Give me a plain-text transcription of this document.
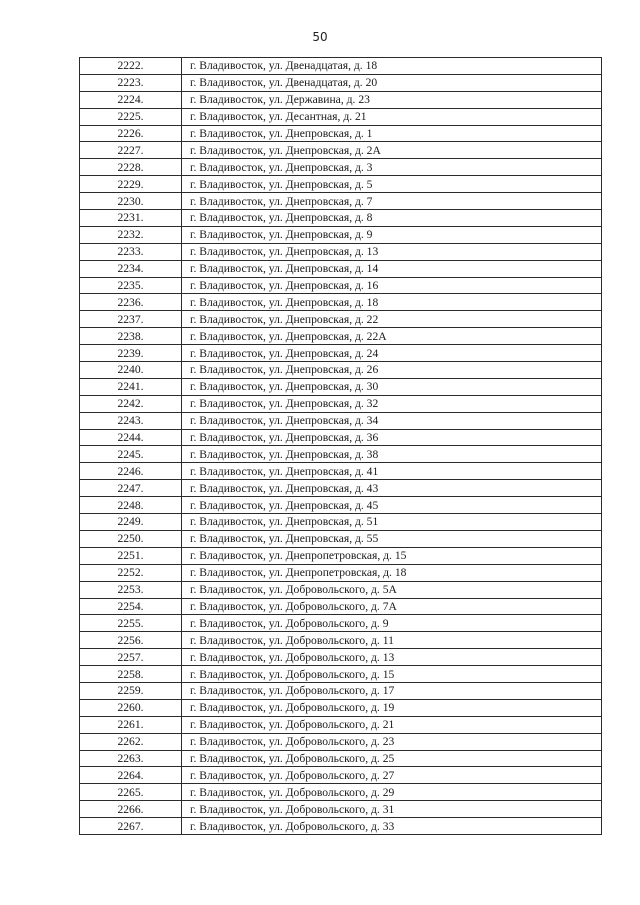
50
2222.	г. Владивосток, ул. Двенадцатая, д. 18
2223.	г. Владивосток, ул. Двенадцатая, д. 20
2224.	г. Владивосток, ул. Державина, д. 23
2225.	г. Владивосток, ул. Десантная, д. 21
2226.	г. Владивосток, ул. Днепровская, д. 1
2227.	г. Владивосток, ул. Днепровская, д. 2А
2228.	г. Владивосток, ул. Днепровская, д. 3
2229.	г. Владивосток, ул. Днепровская, д. 5
2230.	г. Владивосток, ул. Днепровская, д. 7
2231.	г. Владивосток, ул. Днепровская, д. 8
2232.	г. Владивосток, ул. Днепровская, д. 9
2233.	г. Владивосток, ул. Днепровская, д. 13
2234.	г. Владивосток, ул. Днепровская, д. 14
2235.	г. Владивосток, ул. Днепровская, д. 16
2236.	г. Владивосток, ул. Днепровская, д. 18
2237.	г. Владивосток, ул. Днепровская, д. 22
2238.	г. Владивосток, ул. Днепровская, д. 22А
2239.	г. Владивосток, ул. Днепровская, д. 24
2240.	г. Владивосток, ул. Днепровская, д. 26
2241.	г. Владивосток, ул. Днепровская, д. 30
2242.	г. Владивосток, ул. Днепровская, д. 32
2243.	г. Владивосток, ул. Днепровская, д. 34
2244.	г. Владивосток, ул. Днепровская, д. 36
2245.	г. Владивосток, ул. Днепровская, д. 38
2246.	г. Владивосток, ул. Днепровская, д. 41
2247.	г. Владивосток, ул. Днепровская, д. 43
2248.	г. Владивосток, ул. Днепровская, д. 45
2249.	г. Владивосток, ул. Днепровская, д. 51
2250.	г. Владивосток, ул. Днепровская, д. 55
2251.	г. Владивосток, ул. Днепропетровская, д. 15
2252.	г. Владивосток, ул. Днепропетровская, д. 18
2253.	г. Владивосток, ул. Добровольского, д. 5А
2254.	г. Владивосток, ул. Добровольского, д. 7А
2255.	г. Владивосток, ул. Добровольского, д. 9
2256.	г. Владивосток, ул. Добровольского, д. 11
2257.	г. Владивосток, ул. Добровольского, д. 13
2258.	г. Владивосток, ул. Добровольского, д. 15
2259.	г. Владивосток, ул. Добровольского, д. 17
2260.	г. Владивосток, ул. Добровольского, д. 19
2261.	г. Владивосток, ул. Добровольского, д. 21
2262.	г. Владивосток, ул. Добровольского, д. 23
2263.	г. Владивосток, ул. Добровольского, д. 25
2264.	г. Владивосток, ул. Добровольского, д. 27
2265.	г. Владивосток, ул. Добровольского, д. 29
2266.	г. Владивосток, ул. Добровольского, д. 31
2267.	г. Владивосток, ул. Добровольского, д. 33
